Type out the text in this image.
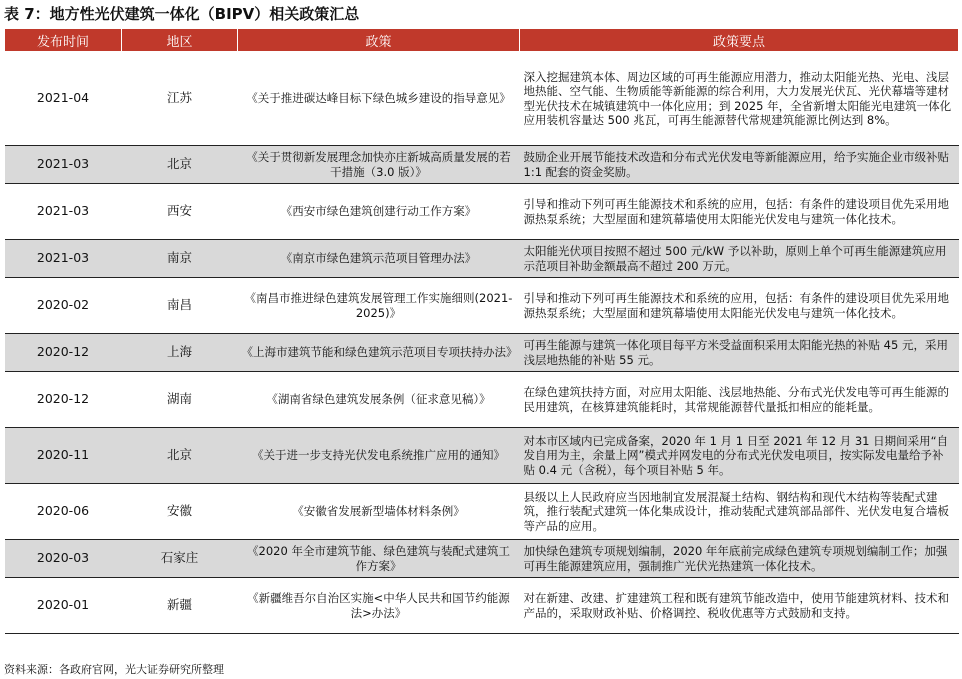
表 7：地方性光伏建筑一体化（BIPV）相关政策汇总
发布时间	地区	政策	政策要点
2021-04	江苏	《关于推进碳达峰目标下绿色城乡建设的指导意见》	深入挖掘建筑本体、周边区域的可再生能源应用潜力，推动太阳能光热、光电、浅层地热能、空气能、生物质能等新能源的综合利用，大力发展光伏瓦、光伏幕墙等建材型光伏技术在城镇建筑中一体化应用；到 2025 年，全省新增太阳能光电建筑一体化应用装机容量达 500 兆瓦，可再生能源替代常规建筑能源比例达到 8%。
2021-03	北京	《关于贯彻新发展理念加快亦庄新城高质量发展的若干措施（3.0 版）》	鼓励企业开展节能技术改造和分布式光伏发电等新能源应用，给予实施企业市级补贴 1:1 配套的资金奖励。
2021-03	西安	《西安市绿色建筑创建行动工作方案》	引导和推动下列可再生能源技术和系统的应用，包括：有条件的建设项目优先采用地源热泵系统；大型屋面和建筑幕墙使用太阳能光伏发电与建筑一体化技术。
2021-03	南京	《南京市绿色建筑示范项目管理办法》	太阳能光伏项目按照不超过 500 元/kW 予以补助，原则上单个可再生能源建筑应用示范项目补助金额最高不超过 200 万元。
2020-02	南昌	《南昌市推进绿色建筑发展管理工作实施细则(2021-2025)》	引导和推动下列可再生能源技术和系统的应用，包括：有条件的建设项目优先采用地源热泵系统；大型屋面和建筑幕墙使用太阳能光伏发电与建筑一体化技术。
2020-12	上海	《上海市建筑节能和绿色建筑示范项目专项扶持办法》	可再生能源与建筑一体化项目每平方米受益面积采用太阳能光热的补贴 45 元，采用浅层地热能的补贴 55 元。
2020-12	湖南	《湖南省绿色建筑发展条例（征求意见稿）》	在绿色建筑扶持方面，对应用太阳能、浅层地热能、分布式光伏发电等可再生能源的民用建筑，在核算建筑能耗时，其常规能源替代量抵扣相应的能耗量。
2020-11	北京	《关于进一步支持光伏发电系统推广应用的通知》	对本市区域内已完成备案，2020 年 1 月 1 日至 2021 年 12 月 31 日期间采用“自发自用为主，余量上网”模式并网发电的分布式光伏发电项目，按实际发电量给予补贴 0.4 元（含税），每个项目补贴 5 年。
2020-06	安徽	《安徽省发展新型墙体材料条例》	县级以上人民政府应当因地制宜发展混凝土结构、钢结构和现代木结构等装配式建筑，推行装配式建筑一体化集成设计，推动装配式建筑部品部件、光伏发电复合墙板等产品的应用。
2020-03	石家庄	《2020 年全市建筑节能、绿色建筑与装配式建筑工作方案》	加快绿色建筑专项规划编制，2020 年年底前完成绿色建筑专项规划编制工作；加强可再生能源建筑应用，强制推广光伏光热建筑一体化技术。
2020-01	新疆	《新疆维吾尔自治区实施<中华人民共和国节约能源法>办法》	对在新建、改建、扩建建筑工程和既有建筑节能改造中，使用节能建筑材料、技术和产品的，采取财政补贴、价格调控、税收优惠等方式鼓励和支持。
资料来源：各政府官网，光大证券研究所整理
